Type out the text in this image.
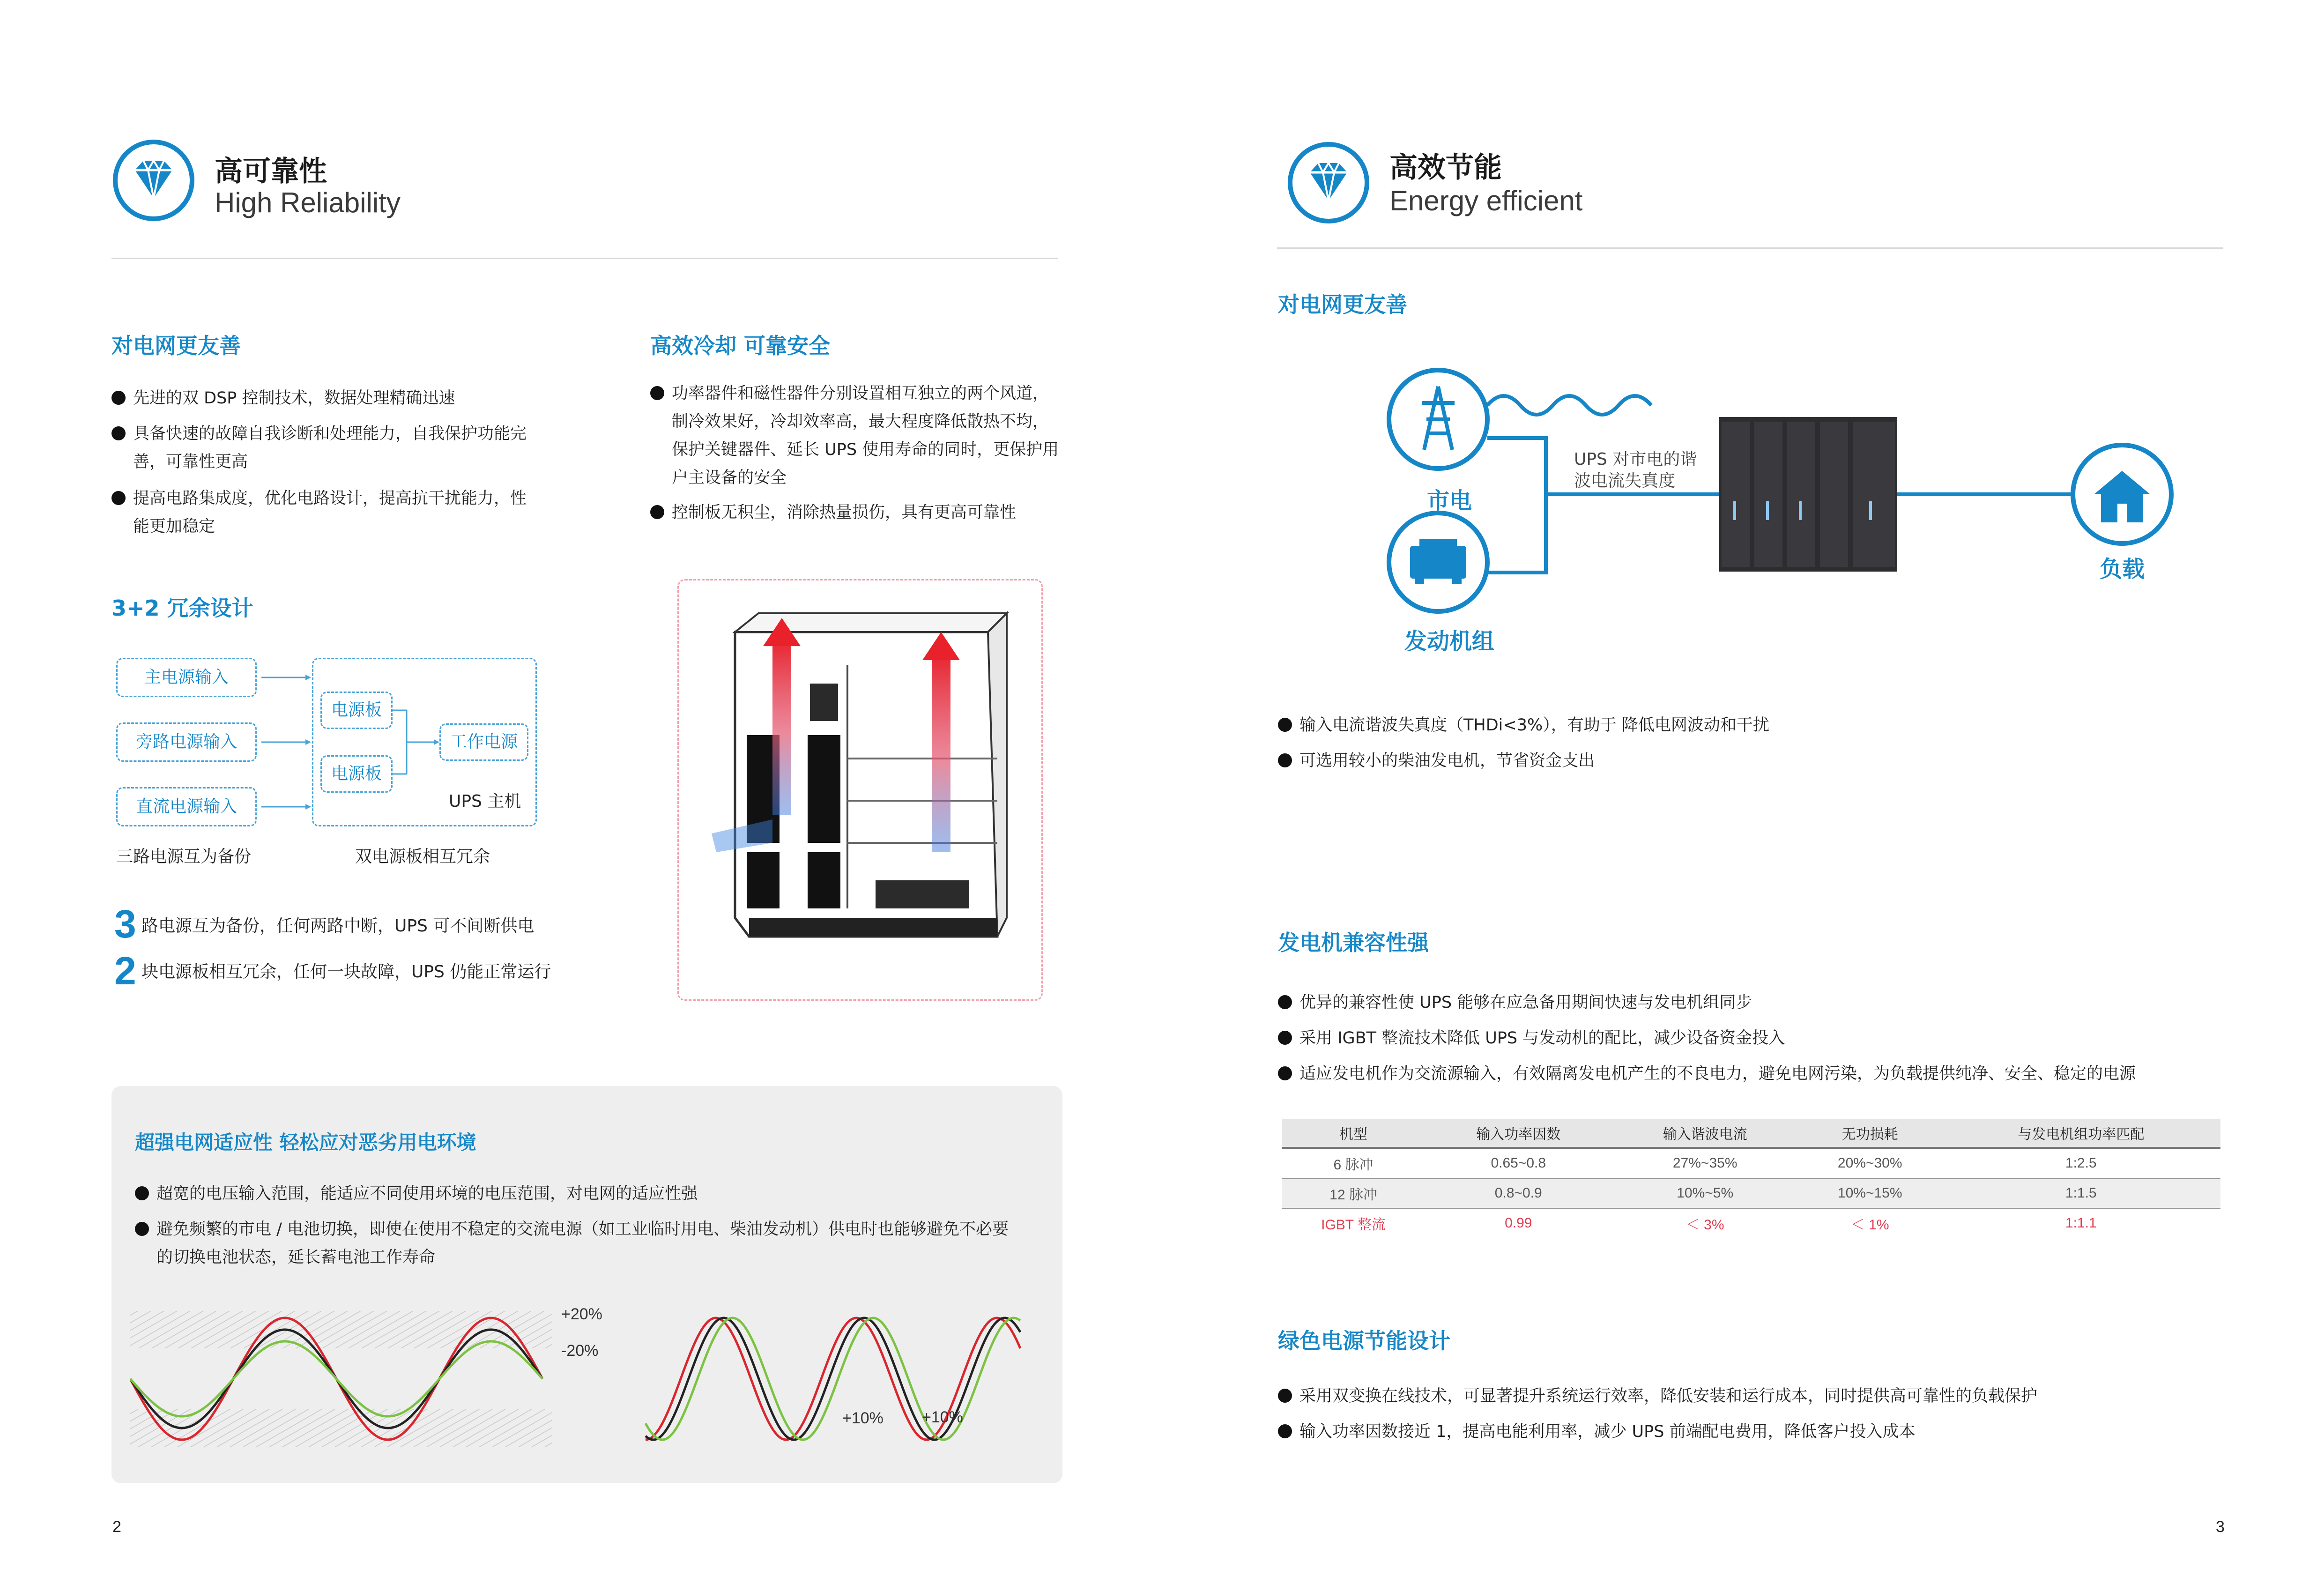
高可靠性
High Reliability
对电网更友善
先进的双 DSP 控制技术，数据处理精确迅速
具备快速的故障自我诊断和处理能力，自我保护功能完善，可靠性更高
提高电路集成度，优化电路设计，提高抗干扰能力，性能更加稳定
高效冷却 可靠安全
功率器件和磁性器件分别设置相互独立的两个风道，制冷效果好，冷却效率高，最大程度降低散热不均，保护关键器件、延长 UPS 使用寿命的同时，更保护用户主设备的安全
控制板无积尘，消除热量损伤，具有更高可靠性
3+2 冗余设计
主电源输入
旁路电源输入
直流电源输入
电源板
电源板
工作电源
UPS 主机
三路电源互为备份	双电源板相互冗余
3 路电源互为备份，任何两路中断，UPS 可不间断供电
2 块电源板相互冗余，任何一块故障，UPS 仍能正常运行
超强电网适应性 轻松应对恶劣用电环境
超宽的电压输入范围，能适应不同使用环境的电压范围，对电网的适应性强
避免频繁的市电 / 电池切换，即使在使用不稳定的交流电源（如工业临时用电、柴油发动机）供电时也能够避免不必要的切换电池状态，延长蓄电池工作寿命
+20%
-20%
+10% +10%
2
高效节能
Energy efficient
对电网更友善
UPS 对市电的谐
波电流失真度
市电
发动机组
负载
输入电流谐波失真度（THDi<3%），有助于 降低电网波动和干扰
可选用较小的柴油发电机，节省资金支出
发电机兼容性强
优异的兼容性使 UPS 能够在应急备用期间快速与发电机组同步
采用 IGBT 整流技术降低 UPS 与发动机的配比，减少设备资金投入
适应发电机作为交流源输入，有效隔离发电机产生的不良电力，避免电网污染，为负载提供纯净、安全、稳定的电源
机型	输入功率因数	输入谐波电流	无功损耗	与发电机组功率匹配
6 脉冲	0.65~0.8	27%~35%	20%~30%	1:2.5
12 脉冲	0.8~0.9	10%~5%	10%~15%	1:1.5
IGBT 整流	0.99	＜ 3%	＜ 1%	1:1.1
绿色电源节能设计
采用双变换在线技术，可显著提升系统运行效率，降低安装和运行成本，同时提供高可靠性的负载保护
输入功率因数接近 1，提高电能利用率，减少 UPS 前端配电费用，降低客户投入成本
3
